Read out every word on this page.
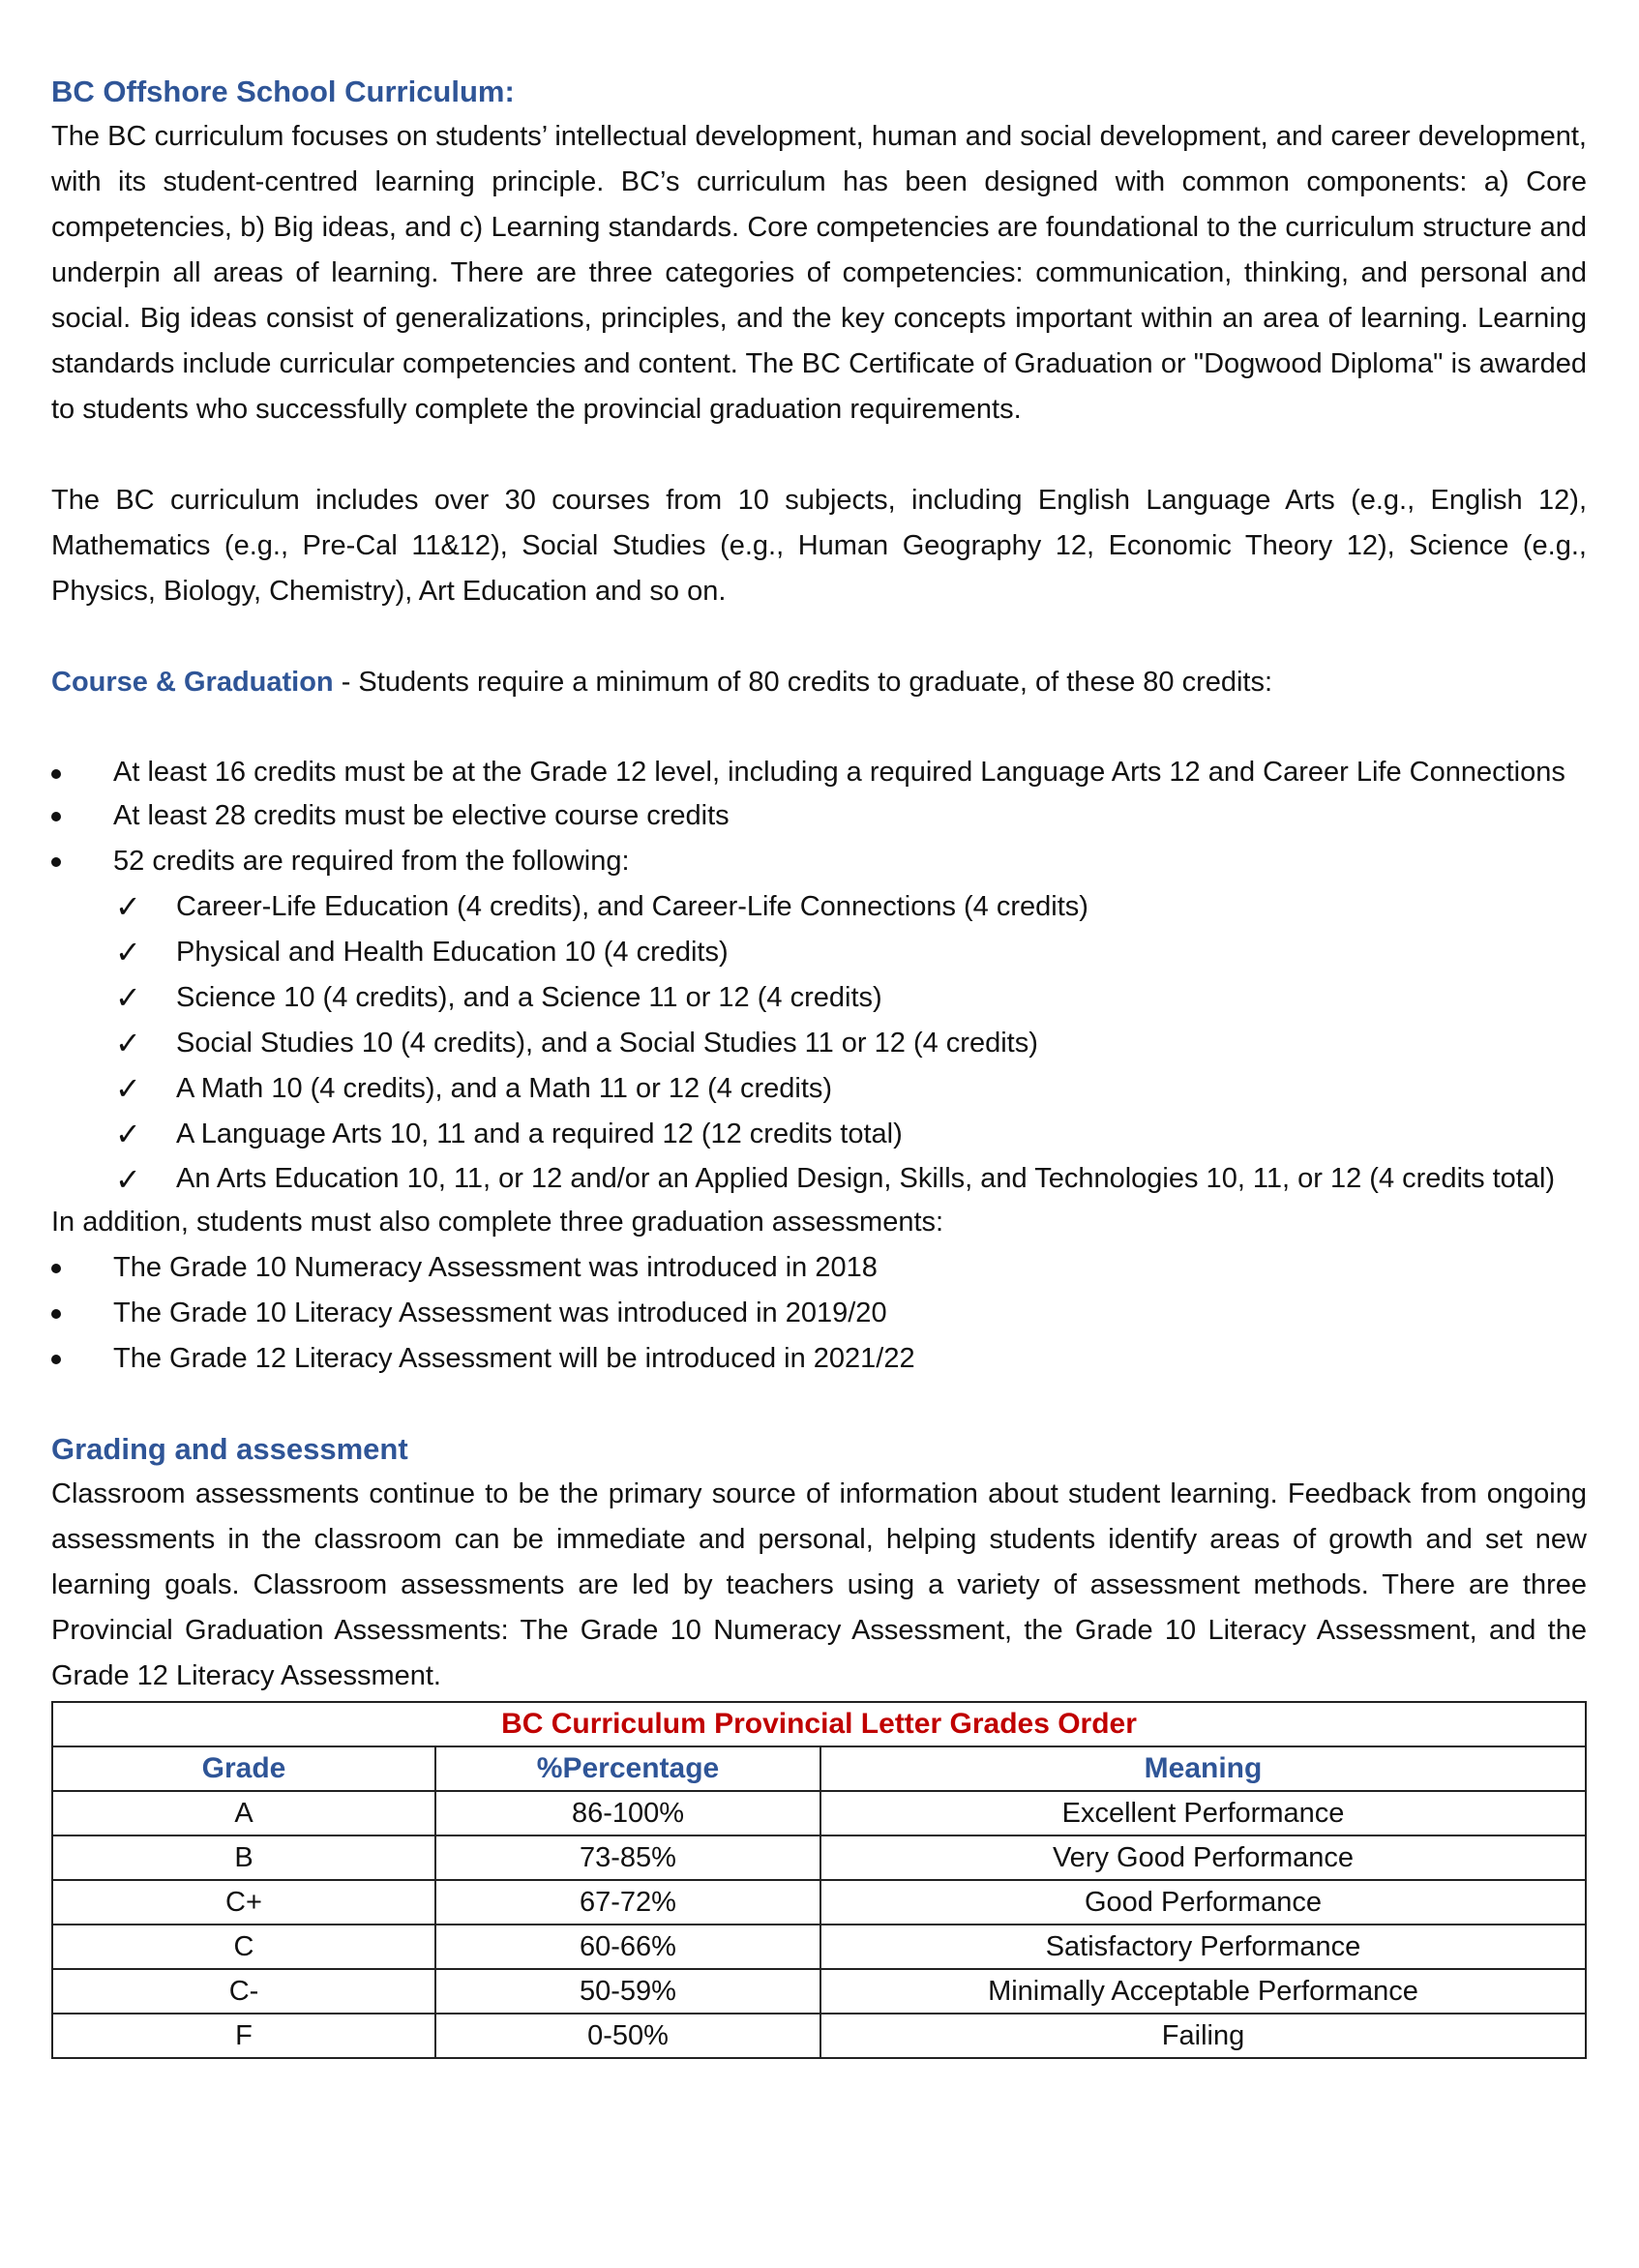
BC Offshore School Curriculum:

The BC curriculum focuses on students’ intellectual development, human and social development, and career development, with its student-centred learning principle. BC’s curriculum has been designed with common components: a) Core competencies, b) Big ideas, and c) Learning standards. Core competencies are foundational to the curriculum structure and underpin all areas of learning. There are three categories of competencies: communication, thinking, and personal and social. Big ideas consist of generalizations, principles, and the key concepts important within an area of learning. Learning standards include curricular competencies and content. The BC Certificate of Graduation or "Dogwood Diploma" is awarded to students who successfully complete the provincial graduation requirements.

The BC curriculum includes over 30 courses from 10 subjects, including English Language Arts (e.g., English 12), Mathematics (e.g., Pre-Cal 11&12), Social Studies (e.g., Human Geography 12, Economic Theory 12), Science (e.g., Physics, Biology, Chemistry), Art Education and so on.

Course & Graduation - Students require a minimum of 80 credits to graduate, of these 80 credits:

At least 16 credits must be at the Grade 12 level, including a required Language Arts 12 and Career Life Connections
At least 28 credits must be elective course credits
52 credits are required from the following:
✓ Career-Life Education (4 credits), and Career-Life Connections (4 credits)
✓ Physical and Health Education 10 (4 credits)
✓ Science 10 (4 credits), and a Science 11 or 12 (4 credits)
✓ Social Studies 10 (4 credits), and a Social Studies 11 or 12 (4 credits)
✓ A Math 10 (4 credits), and a Math 11 or 12 (4 credits)
✓ A Language Arts 10, 11 and a required 12 (12 credits total)
✓ An Arts Education 10, 11, or 12 and/or an Applied Design, Skills, and Technologies 10, 11, or 12 (4 credits total)

In addition, students must also complete three graduation assessments:

The Grade 10 Numeracy Assessment was introduced in 2018
The Grade 10 Literacy Assessment was introduced in 2019/20
The Grade 12 Literacy Assessment will be introduced in 2021/22
Grading and assessment

Classroom assessments continue to be the primary source of information about student learning. Feedback from ongoing assessments in the classroom can be immediate and personal, helping students identify areas of growth and set new learning goals. Classroom assessments are led by teachers using a variety of assessment methods. There are three Provincial Graduation Assessments: The Grade 10 Numeracy Assessment, the Grade 10 Literacy Assessment, and the Grade 12 Literacy Assessment.

BC Curriculum Provincial Letter Grades Order		
Grade	%Percentage	Meaning
A	86-100%	Excellent Performance
B	73-85%	Very Good Performance
C+	67-72%	Good Performance
C	60-66%	Satisfactory Performance
C-	50-59%	Minimally Acceptable Performance
F	0-50%	Failing
